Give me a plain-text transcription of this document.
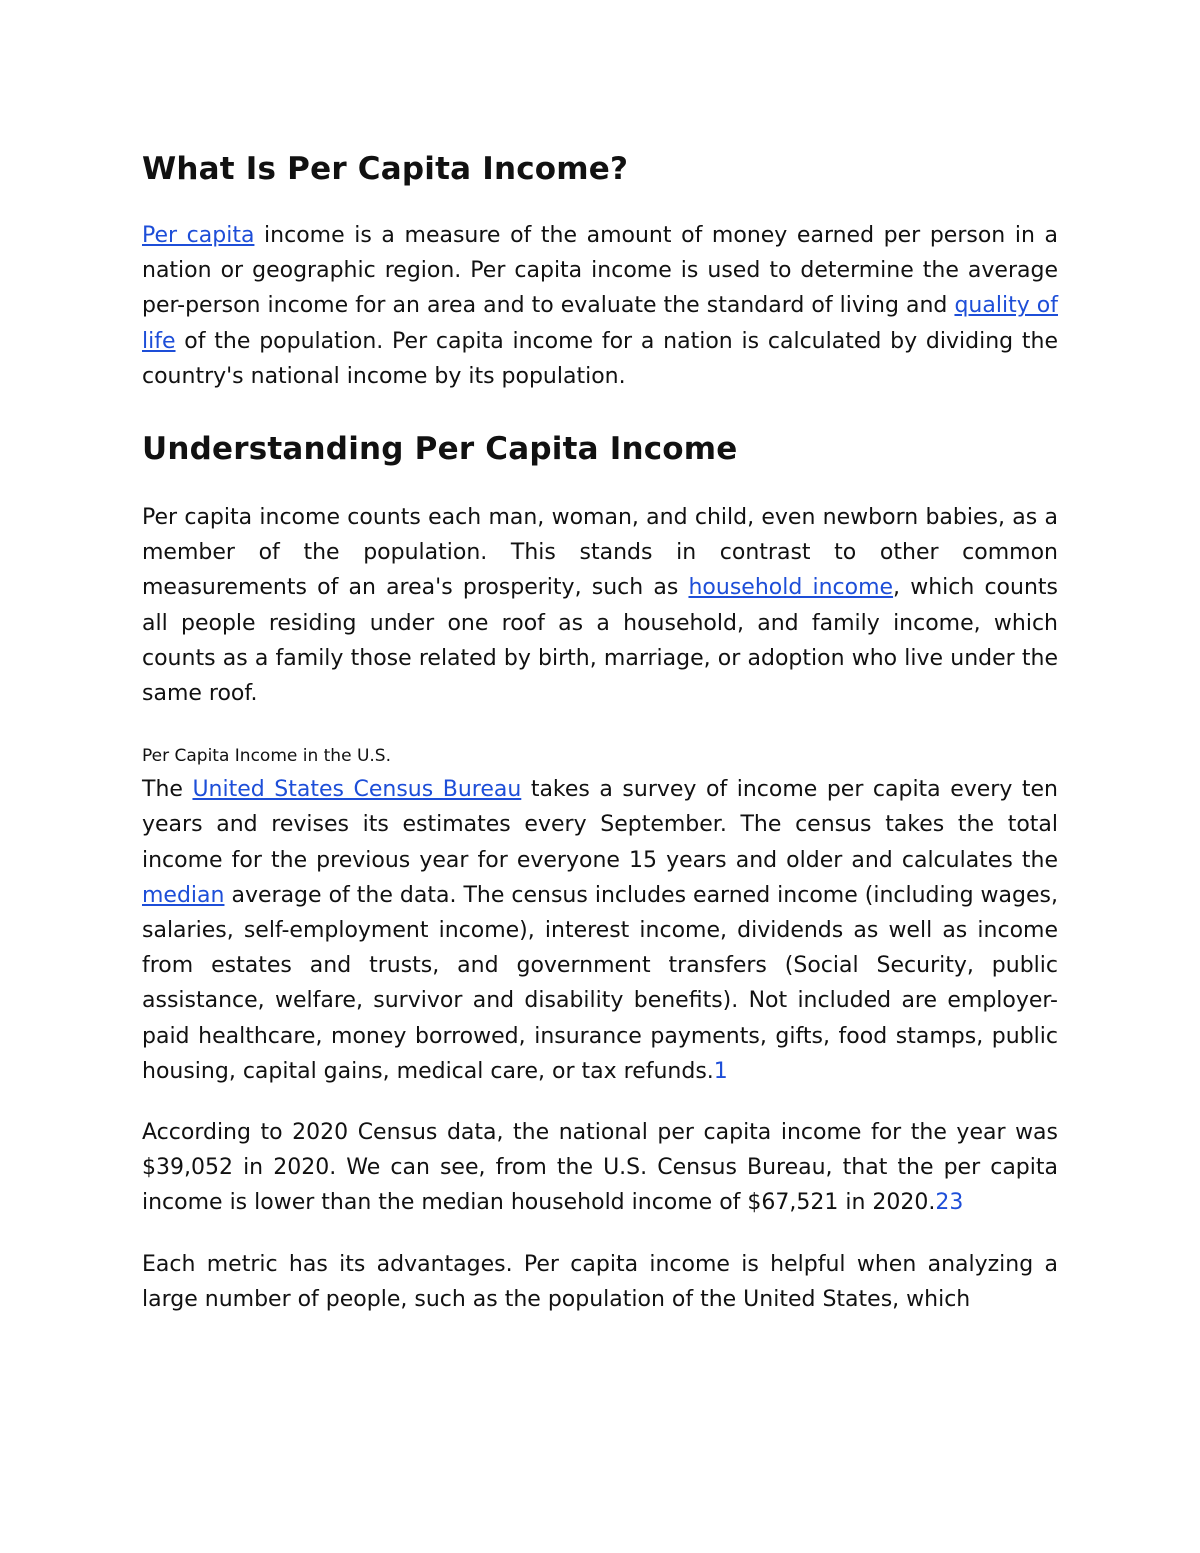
What Is Per Capita Income?

Per capita income is a measure of the amount of money earned per person in a nation or geographic region. Per capita income is used to determine the average per-person income for an area and to evaluate the standard of living and quality of life of the population. Per capita income for a nation is calculated by dividing the country's national income by its population.

Understanding Per Capita Income

Per capita income counts each man, woman, and child, even newborn babies, as a member of the population. This stands in contrast to other common measurements of an area's prosperity, such as household income, which counts all people residing under one roof as a household, and family income, which counts as a family those related by birth, marriage, or adoption who live under the same roof.

Per Capita Income in the U.S.

The United States Census Bureau takes a survey of income per capita every ten years and revises its estimates every September. The census takes the total income for the previous year for everyone 15 years and older and calculates the median average of the data. The census includes earned income (including wages, salaries, self-employment income), interest income, dividends as well as income from estates and trusts, and government transfers (Social Security, public assistance, welfare, survivor and disability benefits). Not included are employer-paid healthcare, money borrowed, insurance payments, gifts, food stamps, public housing, capital gains, medical care, or tax refunds.1

According to 2020 Census data, the national per capita income for the year was $39,052 in 2020. We can see, from the U.S. Census Bureau, that the per capita income is lower than the median household income of $67,521 in 2020.23

Each metric has its advantages. Per capita income is helpful when analyzing a large number of people, such as the population of the United States, which
